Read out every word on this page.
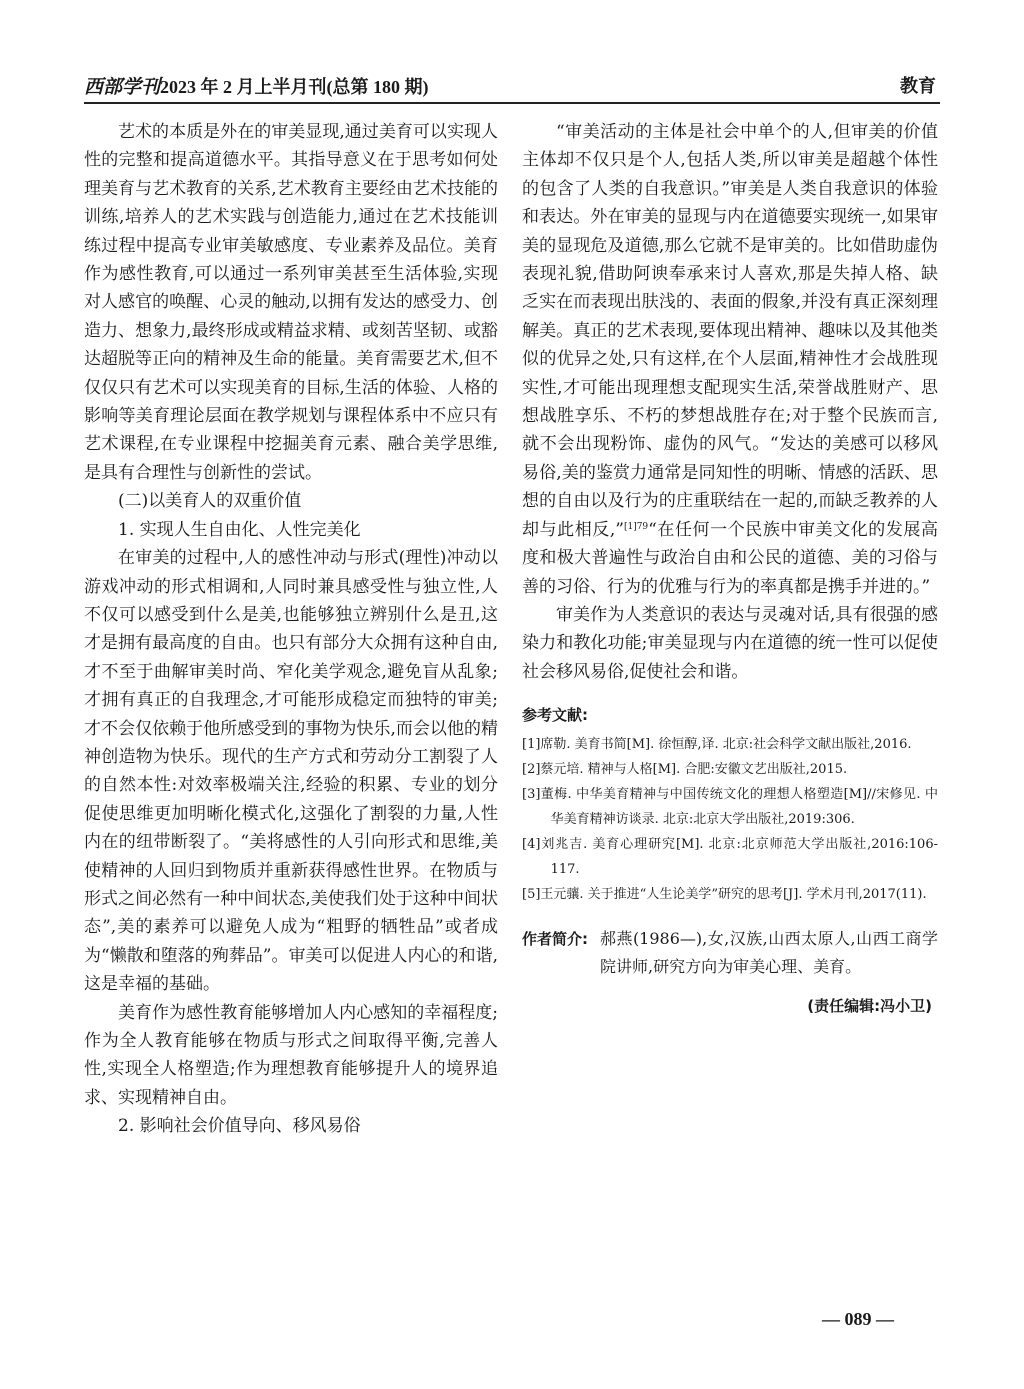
西部学刊2023 年 2 月上半月刊(总第 180 期)	教育

艺术的本质是外在的审美显现,通过美育可以实现人性的完整和提高道德水平。其指导意义在于思考如何处理美育与艺术教育的关系,艺术教育主要经由艺术技能的训练,培养人的艺术实践与创造能力,通过在艺术技能训练过程中提高专业审美敏感度、专业素养及品位。美育作为感性教育,可以通过一系列审美甚至生活体验,实现对人感官的唤醒、心灵的触动,以拥有发达的感受力、创造力、想象力,最终形成或精益求精、或刻苦坚韧、或豁达超脱等正向的精神及生命的能量。美育需要艺术,但不仅仅只有艺术可以实现美育的目标,生活的体验、人格的影响等美育理论层面在教学规划与课程体系中不应只有艺术课程,在专业课程中挖掘美育元素、融合美学思维,是具有合理性与创新性的尝试。

(二)以美育人的双重价值

1. 实现人生自由化、人性完美化

在审美的过程中,人的感性冲动与形式(理性)冲动以游戏冲动的形式相调和,人同时兼具感受性与独立性,人不仅可以感受到什么是美,也能够独立辨别什么是丑,这才是拥有最高度的自由。也只有部分大众拥有这种自由,才不至于曲解审美时尚、窄化美学观念,避免盲从乱象;才拥有真正的自我理念,才可能形成稳定而独特的审美;才不会仅依赖于他所感受到的事物为快乐,而会以他的精神创造物为快乐。现代的生产方式和劳动分工割裂了人的自然本性:对效率极端关注,经验的积累、专业的划分促使思维更加明晰化模式化,这强化了割裂的力量,人性内在的纽带断裂了。“美将感性的人引向形式和思维,美使精神的人回归到物质并重新获得感性世界。在物质与形式之间必然有一种中间状态,美使我们处于这种中间状态”,美的素养可以避免人成为“粗野的牺牲品”或者成为“懒散和堕落的殉葬品”。审美可以促进人内心的和谐,这是幸福的基础。

美育作为感性教育能够增加人内心感知的幸福程度;作为全人教育能够在物质与形式之间取得平衡,完善人性,实现全人格塑造;作为理想教育能够提升人的境界追求、实现精神自由。

2. 影响社会价值导向、移风易俗

“审美活动的主体是社会中单个的人,但审美的价值主体却不仅只是个人,包括人类,所以审美是超越个体性的包含了人类的自我意识。”审美是人类自我意识的体验和表达。外在审美的显现与内在道德要实现统一,如果审美的显现危及道德,那么它就不是审美的。比如借助虚伪表现礼貌,借助阿谀奉承来讨人喜欢,那是失掉人格、缺乏实在而表现出肤浅的、表面的假象,并没有真正深刻理解美。真正的艺术表现,要体现出精神、趣味以及其他类似的优异之处,只有这样,在个人层面,精神性才会战胜现实性,才可能出现理想支配现实生活,荣誉战胜财产、思想战胜享乐、不朽的梦想战胜存在;对于整个民族而言,就不会出现粉饰、虚伪的风气。“发达的美感可以移风易俗,美的鉴赏力通常是同知性的明晰、情感的活跃、思想的自由以及行为的庄重联结在一起的,而缺乏教养的人却与此相反,”$^{[1]79}$“在任何一个民族中审美文化的发展高度和极大普遍性与政治自由和公民的道德、美的习俗与善的习俗、行为的优雅与行为的率真都是携手并进的。”

审美作为人类意识的表达与灵魂对话,具有很强的感染力和教化功能;审美显现与内在道德的统一性可以促使社会移风易俗,促使社会和谐。

参考文献:
[1]席勒. 美育书简[M]. 徐恒醇,译. 北京:社会科学文献出版社,2016.
[2]蔡元培. 精神与人格[M]. 合肥:安徽文艺出版社,2015.
[3]董梅. 中华美育精神与中国传统文化的理想人格塑造[M]//宋修见. 中华美育精神访谈录. 北京:北京大学出版社,2019:306.
[4]刘兆吉. 美育心理研究[M]. 北京:北京师范大学出版社,2016:106-117.
[5]王元骧. 关于推进“人生论美学”研究的思考[J]. 学术月刊,2017(11).
作者简介: 郝燕(1986—),女,汉族,山西太原人,山西工商学院讲师,研究方向为审美心理、美育。
(责任编辑:冯小卫)
— 089 —
